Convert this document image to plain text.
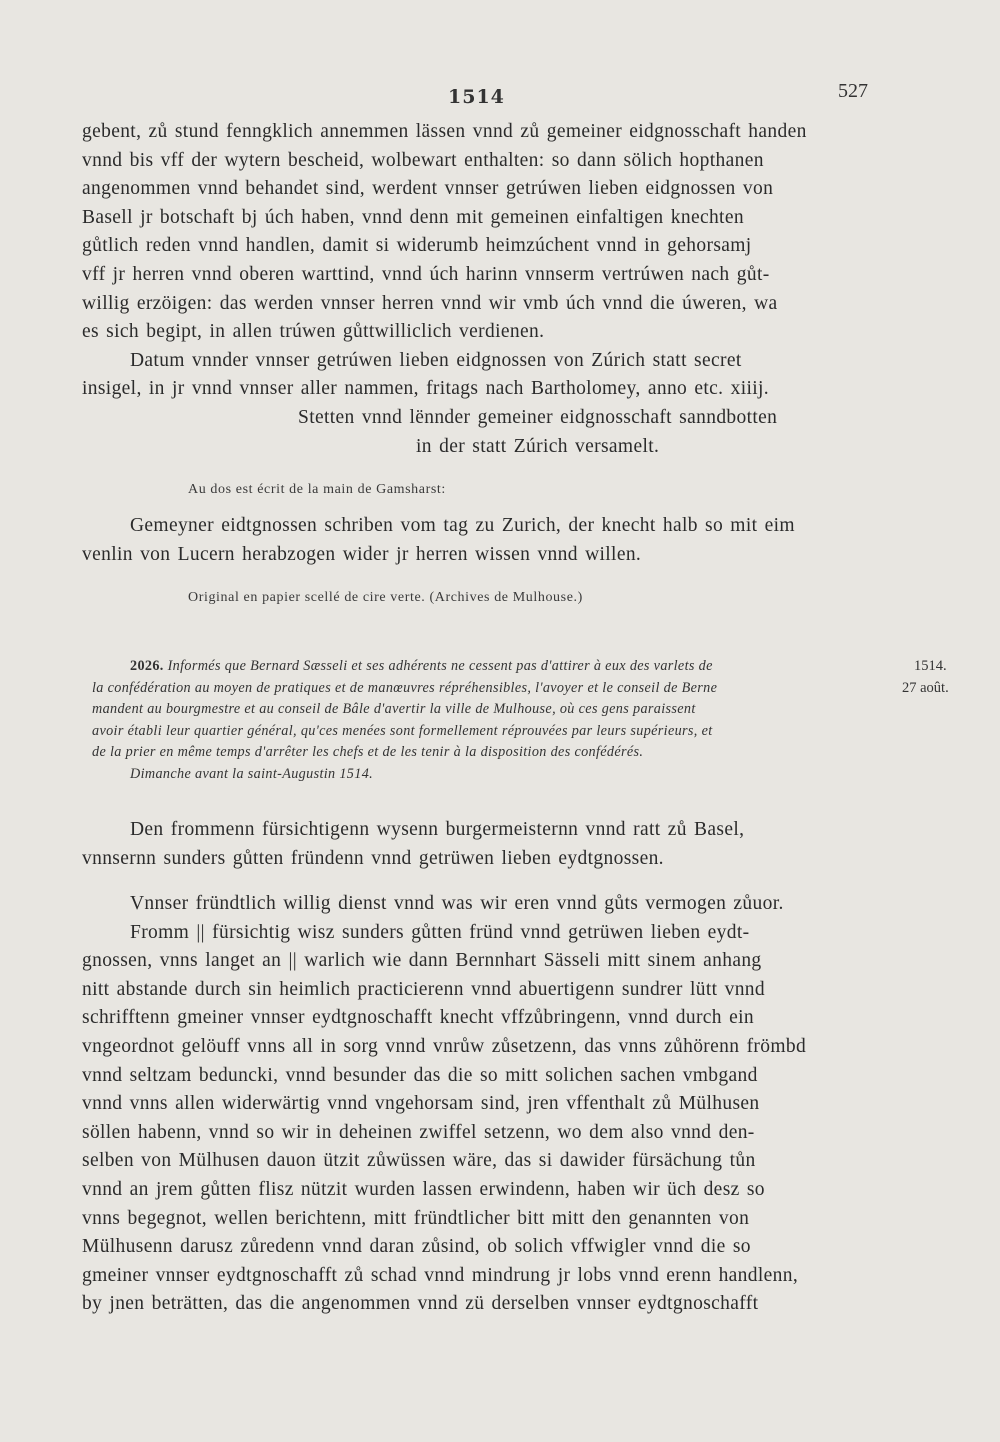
1514	527
gebent, zů stund fenngklich annemmen lässen vnnd zů gemeiner eidgnosschaft handen
vnnd bis vff der wytern bescheid, wolbewart enthalten: so dann sölich hopthanen
angenommen vnnd behandet sind, werdent vnnser getrúwen lieben eidgnossen von
Basell jr botschaft bj úch haben, vnnd denn mit gemeinen einfaltigen knechten
gůtlich reden vnnd handlen, damit si widerumb heimzúchent vnnd in gehorsamj
vff jr herren vnnd oberen warttind, vnnd úch harinn vnnserm vertrúwen nach gůt-
willig erzöigen: das werden vnnser herren vnnd wir vmb úch vnnd die úweren, wa
es sich begipt, in allen trúwen gůttwilliclich verdienen.
Datum vnnder vnnser getrúwen lieben eidgnossen von Zúrich statt secret
insigel, in jr vnnd vnnser aller nammen, fritags nach Bartholomey, anno etc. xiiij.
Stetten vnnd lënnder gemeiner eidgnosschaft sanndbotten
in der statt Zúrich versamelt.
Au dos est écrit de la main de Gamsharst:
Gemeyner eidtgnossen schriben vom tag zu Zurich, der knecht halb so mit eim
venlin von Lucern herabzogen wider jr herren wissen vnnd willen.
Original en papier scellé de cire verte. (Archives de Mulhouse.)
2026. Informés que Bernard Sæsseli et ses adhérents ne cessent pas d'attirer à eux des varlets de
la confédération au moyen de pratiques et de manœuvres répréhensibles, l'avoyer et le conseil de Berne
mandent au bourgmestre et au conseil de Bâle d'avertir la ville de Mulhouse, où ces gens paraissent
avoir établi leur quartier général, qu'ces menées sont formellement réprouvées par leurs supérieurs, et
de la prier en même temps d'arrêter les chefs et de les tenir à la disposition des confédérés.
Dimanche avant la saint-Augustin 1514.
1514.
27 août.
Den frommenn fürsichtigenn wysenn burgermeisternn vnnd ratt zů Basel,
vnnsernn sunders gůtten fründenn vnnd getrüwen lieben eydtgnossen.
Vnnser fründtlich willig dienst vnnd was wir eren vnnd gůts vermogen zůuor.
Fromm || fürsichtig wisz sunders gůtten fründ vnnd getrüwen lieben eydt-
gnossen, vnns langet an || warlich wie dann Bernnhart Sässeli mitt sinem anhang
nitt abstande durch sin heimlich practicierenn vnnd abuertigenn sundrer lütt vnnd
schrifftenn gmeiner vnnser eydtgnoschafft knecht vffzůbringenn, vnnd durch ein
vngeordnot gelöuff vnns all in sorg vnnd vnrůw zůsetzenn, das vnns zůhörenn frömbd
vnnd seltzam beduncki, vnnd besunder das die so mitt solichen sachen vmbgand
vnnd vnns allen widerwärtig vnnd vngehorsam sind, jren vffenthalt zů Mülhusen
söllen habenn, vnnd so wir in deheinen zwiffel setzenn, wo dem also vnnd den-
selben von Mülhusen dauon ützit zůwüssen wäre, das si dawider fürsächung tůn
vnnd an jrem gůtten flisz nützit wurden lassen erwindenn, haben wir üch desz so
vnns begegnot, wellen berichtenn, mitt fründtlicher bitt mitt den genannten von
Mülhusenn darusz zůredenn vnnd daran zůsind, ob solich vffwigler vnnd die so
gmeiner vnnser eydtgnoschafft zů schad vnnd mindrung jr lobs vnnd erenn handlenn,
by jnen beträtten, das die angenommen vnnd zü derselben vnnser eydtgnoschafft
